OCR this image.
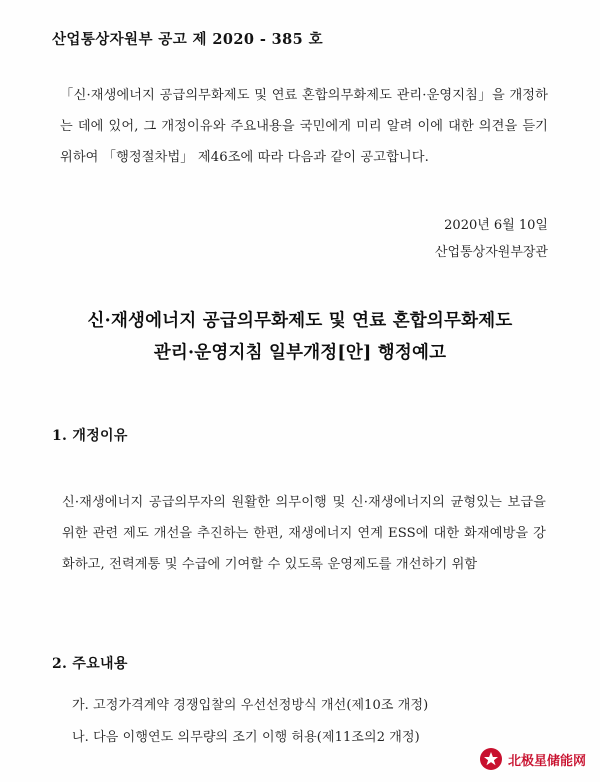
산업통상자원부 공고 제 2020 - 385 호
「신·재생에너지 공급의무화제도 및 연료 혼합의무화제도 관리·운영지침」을 개정하는 데에 있어, 그 개정이유와 주요내용을 국민에게 미리 알려 이에 대한 의견을 듣기 위하여 「행정절차법」 제46조에 따라 다음과 같이 공고합니다.
2020년 6월 10일
산업통상자원부장관
신·재생에너지 공급의무화제도 및 연료 혼합의무화제도
관리·운영지침 일부개정[안] 행정예고
1. 개정이유
신·재생에너지 공급의무자의 원활한 의무이행 및 신·재생에너지의 균형있는 보급을 위한 관련 제도 개선을 추진하는 한편, 재생에너지 연계 ESS에 대한 화재예방을 강화하고, 전력계통 및 수급에 기여할 수 있도록 운영제도를 개선하기 위함
2. 주요내용
가. 고정가격계약 경쟁입찰의 우선선정방식 개선(제10조 개정)
나. 다음 이행연도 의무량의 조기 이행 허용(제11조의2 개정)
北极星储能网
